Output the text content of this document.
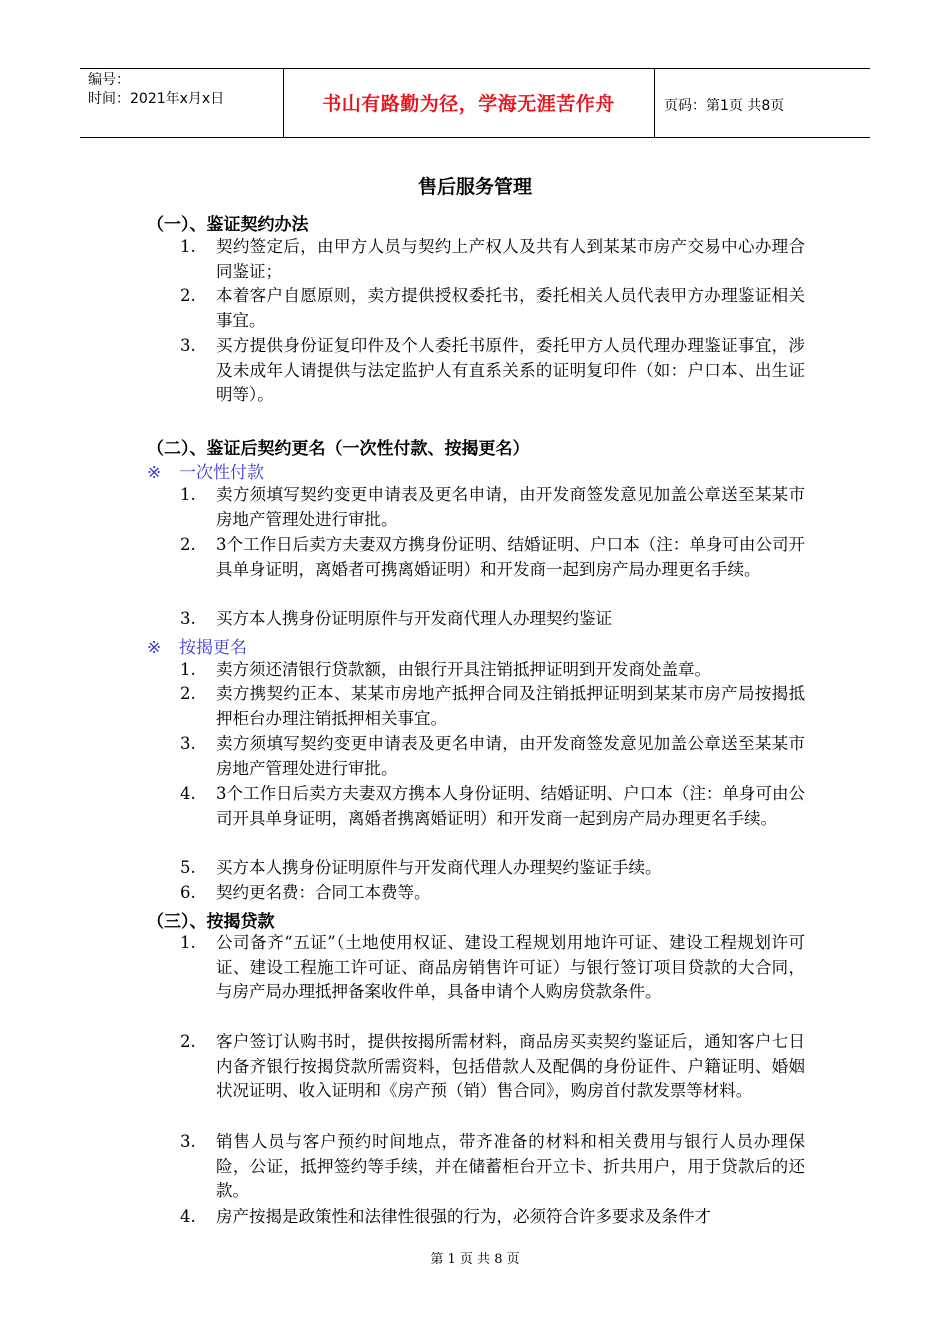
编号：
时间：2021年x月x日	书山有路勤为径，学海无涯苦作舟	页码：第1页 共8页
售后服务管理
（一）、鉴证契约办法
1. 契约签定后，由甲方人员与契约上产权人及共有人到某某市房产交易中心办理合同鉴证；
2. 本着客户自愿原则，卖方提供授权委托书，委托相关人员代表甲方办理鉴证相关事宜。
3. 买方提供身份证复印件及个人委托书原件，委托甲方人员代理办理鉴证事宜，涉及未成年人请提供与法定监护人有直系关系的证明复印件（如：户口本、出生证明等）。
（二）、鉴证后契约更名（一次性付款、按揭更名）
※ 一次性付款
1. 卖方须填写契约变更申请表及更名申请，由开发商签发意见加盖公章送至某某市房地产管理处进行审批。
2. 3个工作日后卖方夫妻双方携身份证明、结婚证明、户口本（注：单身可由公司开具单身证明，离婚者可携离婚证明）和开发商一起到房产局办理更名手续。
3. 买方本人携身份证明原件与开发商代理人办理契约鉴证
※ 按揭更名
1. 卖方须还清银行贷款额，由银行开具注销抵押证明到开发商处盖章。
2. 卖方携契约正本、某某市房地产抵押合同及注销抵押证明到某某市房产局按揭抵押柜台办理注销抵押相关事宜。
3. 卖方须填写契约变更申请表及更名申请，由开发商签发意见加盖公章送至某某市房地产管理处进行审批。
4. 3个工作日后卖方夫妻双方携本人身份证明、结婚证明、户口本（注：单身可由公司开具单身证明，离婚者携离婚证明）和开发商一起到房产局办理更名手续。
5. 买方本人携身份证明原件与开发商代理人办理契约鉴证手续。
6. 契约更名费：合同工本费等。
（三）、按揭贷款
1. 公司备齐“五证”（土地使用权证、建设工程规划用地许可证、建设工程规划许可证、建设工程施工许可证、商品房销售许可证）与银行签订项目贷款的大合同，与房产局办理抵押备案收件单，具备申请个人购房贷款条件。
2. 客户签订认购书时，提供按揭所需材料，商品房买卖契约鉴证后，通知客户七日内备齐银行按揭贷款所需资料，包括借款人及配偶的身份证件、户籍证明、婚姻状况证明、收入证明和《房产预（销）售合同》，购房首付款发票等材料。
3. 销售人员与客户预约时间地点，带齐准备的材料和相关费用与银行人员办理保险，公证，抵押签约等手续，并在储蓄柜台开立卡、折共用户，用于贷款后的还款。
4. 房产按揭是政策性和法律性很强的行为，必须符合许多要求及条件才
第 1 页 共 8 页
